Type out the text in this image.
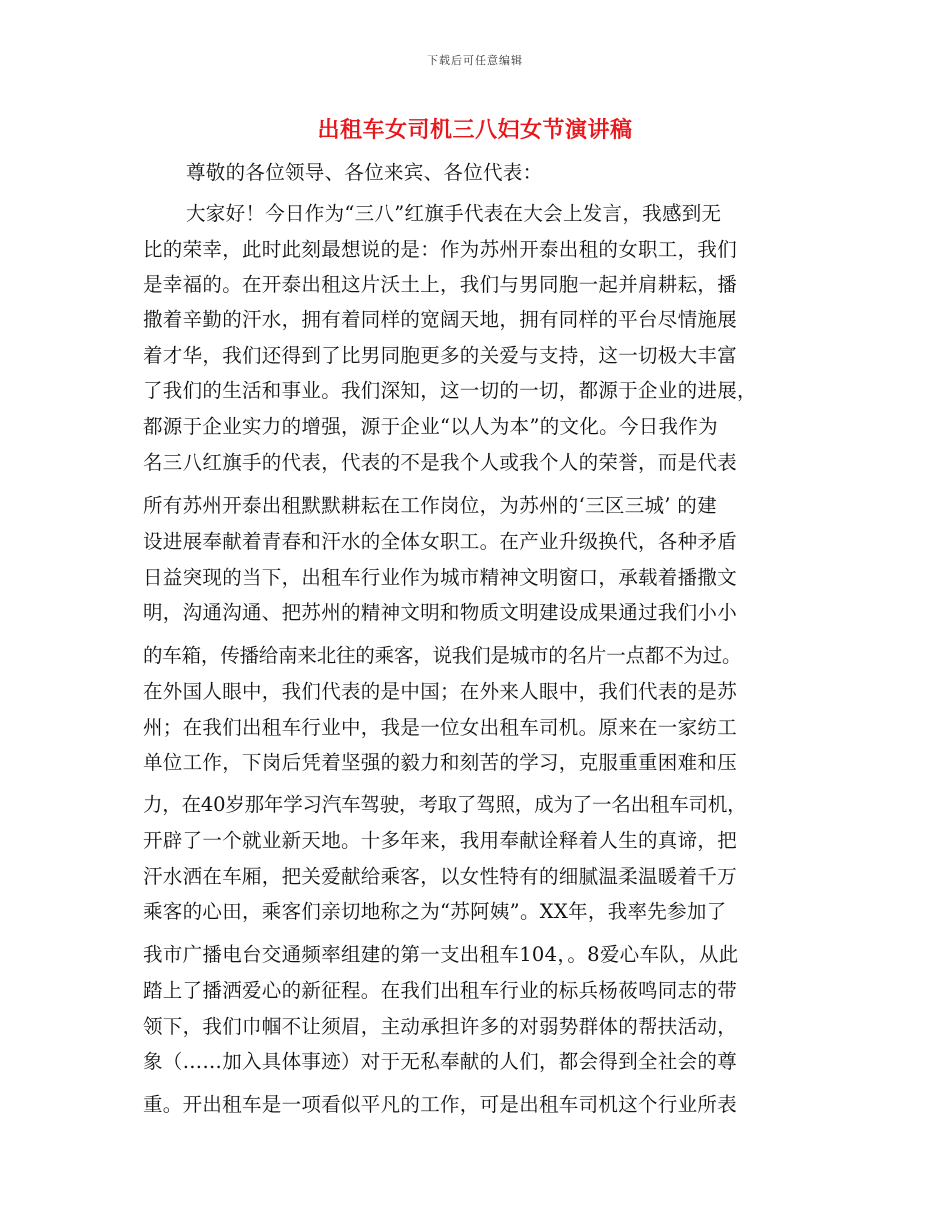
下载后可任意编辑
出租车女司机三八妇女节演讲稿
尊敬的各位领导、各位来宾、各位代表：
大家好！今日作为“三八”红旗手代表在大会上发言，我感到无
比的荣幸，此时此刻最想说的是：作为苏州开泰出租的女职工，我们
是幸福的。在开泰出租这片沃土上，我们与男同胞一起并肩耕耘，播
撒着辛勤的汗水，拥有着同样的宽阔天地，拥有同样的平台尽情施展
着才华，我们还得到了比男同胞更多的关爱与支持，这一切极大丰富
了我们的生活和事业。我们深知，这一切的一切，都源于企业的进展，
都源于企业实力的增强，源于企业“以人为本”的文化。今日我作为
名三八红旗手的代表，代表的不是我个人或我个人的荣誉，而是代表
所有苏州开泰出租默默耕耘在工作岗位，为苏州的‘三区三城’ 的建
设进展奉献着青春和汗水的全体女职工。在产业升级换代，各种矛盾
日益突现的当下，出租车行业作为城市精神文明窗口，承载着播撒文
明，沟通沟通、把苏州的精神文明和物质文明建设成果通过我们小小
的车箱，传播给南来北往的乘客，说我们是城市的名片一点都不为过。
在外国人眼中，我们代表的是中国；在外来人眼中，我们代表的是苏
州；在我们出租车行业中，我是一位女出租车司机。原来在一家纺工
单位工作，下岗后凭着坚强的毅力和刻苦的学习，克服重重困难和压
力，在40岁那年学习汽车驾驶，考取了驾照，成为了一名出租车司机，
开辟了一个就业新天地。十多年来，我用奉献诠释着人生的真谛，把
汗水洒在车厢，把关爱献给乘客，以女性特有的细腻温柔温暖着千万
乘客的心田，乘客们亲切地称之为“苏阿姨”。XX年，我率先参加了
我市广播电台交通频率组建的第一支出租车104，。8爱心车队，从此
踏上了播洒爱心的新征程。在我们出租车行业的标兵杨莜鸣同志的带
领下，我们巾帼不让须眉，主动承担许多的对弱势群体的帮扶活动，
象（……加入具体事迹）对于无私奉献的人们，都会得到全社会的尊
重。开出租车是一项看似平凡的工作，可是出租车司机这个行业所表
